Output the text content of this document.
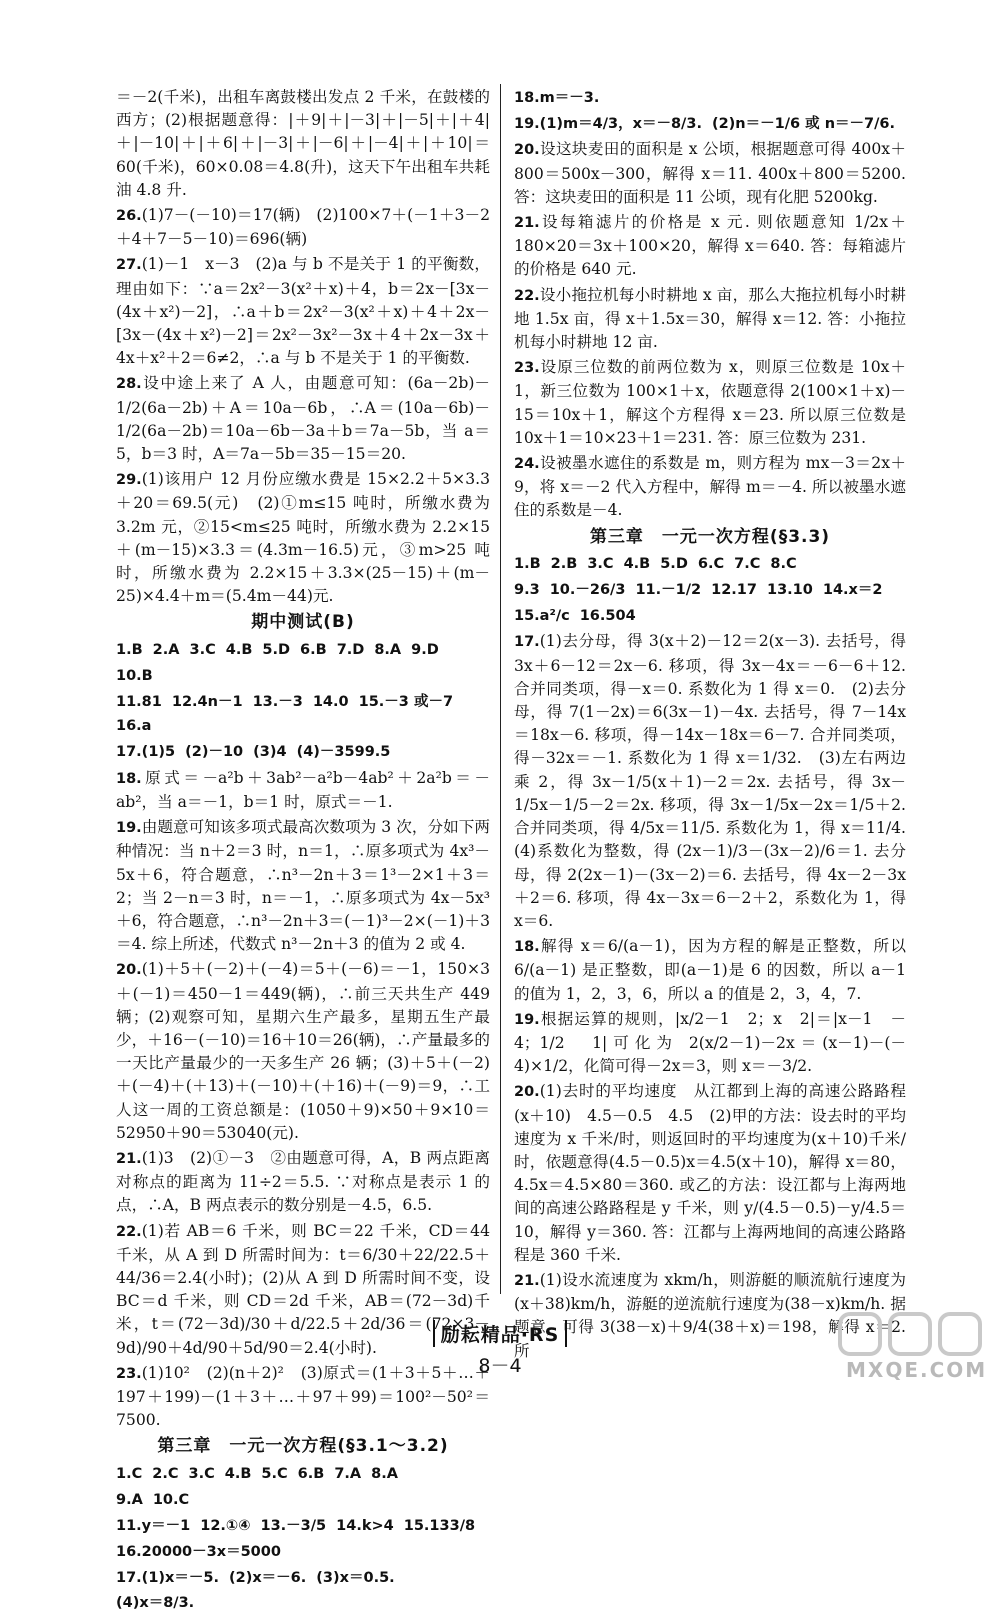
＝－2(千米)，出租车离鼓楼出发点 2 千米，在鼓楼的西方；(2)根据题意得：|＋9|＋|－3|＋|－5|＋|＋4|＋|－10|＋|＋6|＋|－3|＋|－6|＋|－4|＋|＋10|＝60(千米)，60×0.08＝4.8(升)，这天下午出租车共耗油 4.8 升.
26.(1)7－(－10)＝17(辆)　(2)100×7＋(－1＋3－2＋4＋7－5－10)＝696(辆)
27.(1)－1　x－3　(2)a 与 b 不是关于 1 的平衡数，理由如下：∵a＝2x²－3(x²＋x)＋4，b＝2x－[3x－(4x＋x²)－2]，∴a＋b＝2x²－3(x²＋x)＋4＋2x－[3x－(4x＋x²)－2]＝2x²－3x²－3x＋4＋2x－3x＋4x＋x²＋2＝6≠2，∴a 与 b 不是关于 1 的平衡数.
28.设中途上来了 A 人，由题意可知：(6a－2b)－1/2(6a－2b)＋A＝10a－6b，∴A＝(10a－6b)－1/2(6a－2b)＝10a－6b－3a＋b＝7a－5b，当 a＝5，b＝3 时，A＝7a－5b＝35－15＝20.
29.(1)该用户 12 月份应缴水费是 15×2.2＋5×3.3＋20＝69.5(元)　(2)①m≤15 吨时，所缴水费为 3.2m 元，②15<m≤25 吨时，所缴水费为 2.2×15＋(m－15)×3.3＝(4.3m－16.5)元，③m>25 吨时，所缴水费为 2.2×15＋3.3×(25－15)＋(m－25)×4.4＋m＝(5.4m－44)元.
期中测试(B)
1.B 2.A 3.C 4.B 5.D 6.B 7.D 8.A 9.D
10.B
11.81 12.4n－1 13.－3 14.0 15.－3 或－716.a
17.(1)5 (2)－10 (3)4 (4)－3599.5
18.原式＝－a²b＋3ab²－a²b－4ab²＋2a²b＝－ab²，当 a＝－1，b＝1 时，原式＝－1.
19.由题意可知该多项式最高次数项为 3 次，分如下两种情况：当 n＋2＝3 时，n＝1，∴原多项式为 4x³－5x＋6，符合题意，∴n³－2n＋3＝1³－2×1＋3＝2；当 2－n＝3 时，n＝－1，∴原多项式为 4x－5x³＋6，符合题意，∴n³－2n＋3＝(－1)³－2×(－1)＋3＝4. 综上所述，代数式 n³－2n＋3 的值为 2 或 4.
20.(1)＋5＋(－2)＋(－4)＝5＋(－6)＝－1，150×3＋(－1)＝450－1＝449(辆)，∴前三天共生产 449 辆；(2)观察可知，星期六生产最多，星期五生产最少，＋16－(－10)＝16＋10＝26(辆)，∴产量最多的一天比产量最少的一天多生产 26 辆；(3)＋5＋(－2)＋(－4)＋(＋13)＋(－10)＋(＋16)＋(－9)＝9，∴工人这一周的工资总额是：(1050＋9)×50＋9×10＝52950＋90＝53040(元).
21.(1)3　(2)①－3　②由题意可得，A，B 两点距离对称点的距离为 11÷2＝5.5. ∵对称点是表示 1 的点，∴A，B 两点表示的数分别是－4.5，6.5.
22.(1)若 AB＝6 千米，则 BC＝22 千米，CD＝44 千米，从 A 到 D 所需时间为：t＝6/30＋22/22.5＋44/36＝2.4(小时)；(2)从 A 到 D 所需时间不变，设 BC＝d 千米，则 CD＝2d 千米，AB＝(72－3d)千米，t＝(72－3d)/30＋d/22.5＋2d/36＝(72×3－9d)/90＋4d/90＋5d/90＝2.4(小时).
23.(1)10²　(2)(n＋2)²　(3)原式＝(1＋3＋5＋…＋197＋199)－(1＋3＋…＋97＋99)＝100²－50²＝7500.
第三章　一元一次方程(§3.1～3.2)
1.C 2.C 3.C 4.B 5.C 6.B 7.A 8.A
9.A 10.C
11.y＝－1 12.①④ 13.－3/5 14.k>4 15.133/8
16.20000－3x＝5000
17.(1)x＝－5. (2)x＝－6. (3)x＝0.5.(4)x＝8/3.
18.m＝－3.
19.(1)m＝4/3，x＝－8/3. (2)n＝－1/6 或 n＝－7/6.
20.设这块麦田的面积是 x 公顷，根据题意可得 400x＋800＝500x－300，解得 x＝11. 400x＋800＝5200. 答：这块麦田的面积是 11 公顷，现有化肥 5200kg.
21.设每箱滤片的价格是 x 元. 则依题意知 1/2x＋180×20＝3x＋100×20，解得 x＝640. 答：每箱滤片的价格是 640 元.
22.设小拖拉机每小时耕地 x 亩，那么大拖拉机每小时耕地 1.5x 亩，得 x＋1.5x＝30，解得 x＝12. 答：小拖拉机每小时耕地 12 亩.
23.设原三位数的前两位数为 x，则原三位数是 10x＋1，新三位数为 100×1＋x，依题意得 2(100×1＋x)－15＝10x＋1，解这个方程得 x＝23. 所以原三位数是 10x＋1＝10×23＋1＝231. 答：原三位数为 231.
24.设被墨水遮住的系数是 m，则方程为 mx－3＝2x＋9，将 x＝－2 代入方程中，解得 m＝－4. 所以被墨水遮住的系数是－4.
第三章　一元一次方程(§3.3)
1.B 2.B 3.C 4.B 5.D 6.C 7.C 8.C
9.3 10.－26/3 11.－1/2 12.17 13.10 14.x＝2
15.a²/c 16.504
17.(1)去分母，得 3(x＋2)－12＝2(x－3). 去括号，得 3x＋6－12＝2x－6. 移项，得 3x－4x＝－6－6＋12. 合并同类项，得－x＝0. 系数化为 1 得 x＝0.　(2)去分母，得 7(1－2x)＝6(3x－1)－4x. 去括号，得 7－14x＝18x－6. 移项，得－14x－18x＝6－7. 合并同类项，得－32x＝－1. 系数化为 1 得 x＝1/32.　(3)左右两边乘 2，得 3x－1/5(x＋1)－2＝2x. 去括号，得 3x－1/5x－1/5－2＝2x. 移项，得 3x－1/5x－2x＝1/5＋2. 合并同类项，得 4/5x＝11/5. 系数化为 1，得 x＝11/4.　(4)系数化为整数，得 (2x－1)/3－(3x－2)/6＝1. 去分母，得 2(2x－1)－(3x－2)＝6. 去括号，得 4x－2－3x＋2＝6. 移项，得 4x－3x＝6－2＋2，系数化为 1，得 x＝6.
18.解得 x＝6/(a－1)，因为方程的解是正整数，所以 6/(a－1) 是正整数，即(a－1)是 6 的因数，所以 a－1 的值为 1，2，3，6，所以 a 的值是 2，3，4，7.
19.根据运算的规则，|x/2－1　2；x　2|＝|x－1　－4；1/2　1|可化为 2(x/2－1)－2x＝(x－1)－(－4)×1/2，化简可得－2x＝3，则 x＝－3/2.
20.(1)去时的平均速度　从江都到上海的高速公路路程　(x＋10)　4.5－0.5　4.5　(2)甲的方法：设去时的平均速度为 x 千米/时，则返回时的平均速度为(x＋10)千米/时，依题意得(4.5－0.5)x＝4.5(x＋10)，解得 x＝80，4.5x＝4.5×80＝360. 或乙的方法：设江都与上海两地间的高速公路路程是 y 千米，则 y/(4.5－0.5)－y/4.5＝10，解得 y＝360. 答：江都与上海两地间的高速公路路程是 360 千米.
21.(1)设水流速度为 xkm/h，则游艇的顺流航行速度为(x＋38)km/h，游艇的逆流航行速度为(38－x)km/h. 据题意，可得 3(38－x)＋9/4(38＋x)＝198，解得 x＝2. 所
励耘精品·RS
8－4	MXQE.COM
